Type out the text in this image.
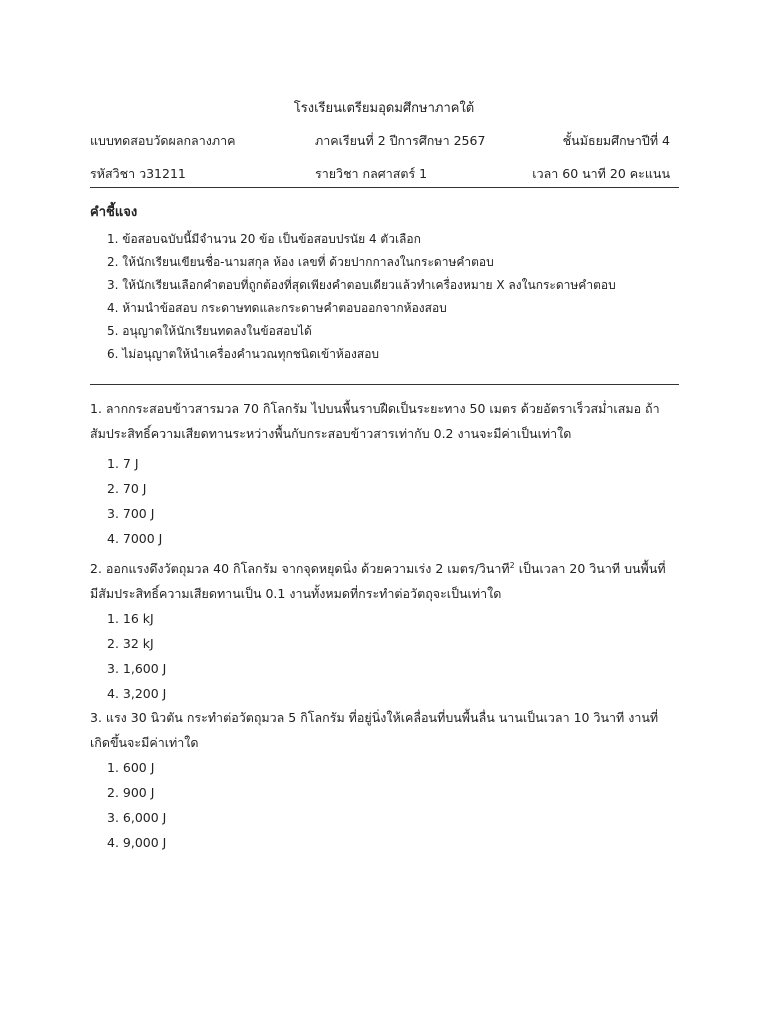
โรงเรียนเตรียมอุดมศึกษาภาคใต้
แบบทดสอบวัดผลกลางภาค	ภาคเรียนที่ 2 ปีการศึกษา 2567	ชั้นมัธยมศึกษาปีที่ 4
รหัสวิชา ว31211	รายวิชา กลศาสตร์ 1	เวลา 60 นาที 20 คะแนน
คำชี้แจง
1. ข้อสอบฉบับนี้มีจำนวน 20 ข้อ เป็นข้อสอบปรนัย 4 ตัวเลือก
2. ให้นักเรียนเขียนชื่อ-นามสกุล ห้อง เลขที่ ด้วยปากกาลงในกระดาษคำตอบ
3. ให้นักเรียนเลือกคำตอบที่ถูกต้องที่สุดเพียงคำตอบเดียวแล้วทำเครื่องหมาย X ลงในกระดาษคำตอบ
4. ห้ามนำข้อสอบ กระดาษทดและกระดาษคำตอบออกจากห้องสอบ
5. อนุญาตให้นักเรียนทดลงในข้อสอบได้
6. ไม่อนุญาตให้นำเครื่องคำนวณทุกชนิดเข้าห้องสอบ
1. ลากกระสอบข้าวสารมวล 70 กิโลกรัม ไปบนพื้นราบฝืดเป็นระยะทาง 50 เมตร ด้วยอัตราเร็วสม่ำเสมอ ถ้า
สัมประสิทธิ์ความเสียดทานระหว่างพื้นกับกระสอบข้าวสารเท่ากับ 0.2 งานจะมีค่าเป็นเท่าใด
1. 7 J
2. 70 J
3. 700 J
4. 7000 J
2. ออกแรงดึงวัตถุมวล 40 กิโลกรัม จากจุดหยุดนิ่ง ด้วยความเร่ง 2 เมตร/วินาที$^2$ เป็นเวลา 20 วินาที บนพื้นที่
มีสัมประสิทธิ์ความเสียดทานเป็น 0.1 งานทั้งหมดที่กระทำต่อวัตถุจะเป็นเท่าใด
1. 16 kJ
2. 32 kJ
3. 1,600 J
4. 3,200 J
3. แรง 30 นิวตัน กระทำต่อวัตถุมวล 5 กิโลกรัม ที่อยู่นิ่งให้เคลื่อนที่บนพื้นลื่น นานเป็นเวลา 10 วินาที งานที่
เกิดขึ้นจะมีค่าเท่าใด
1. 600 J
2. 900 J
3. 6,000 J
4. 9,000 J
